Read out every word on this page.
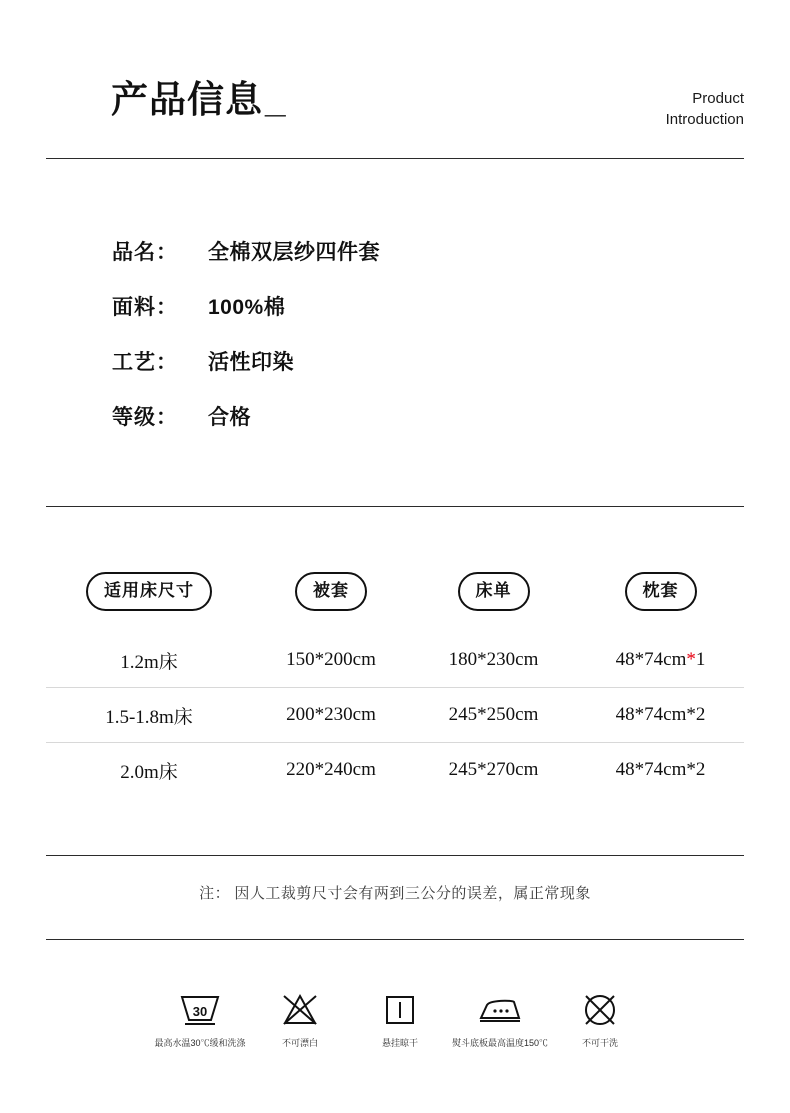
产品信息_	Product
Introduction
品名：	全棉双层纱四件套
面料：	100%棉
工艺：	活性印染
等级：	合格
适用床尺寸	被套	床单	枕套
1.2m床	150*200cm	180*230cm	48*74cm*1
1.5-1.8m床	200*230cm	245*250cm	48*74cm*2
2.0m床	220*240cm	245*270cm	48*74cm*2
注： 因人工裁剪尺寸会有两到三公分的误差，属正常现象
30
最高水温30℃缓和洗涤	不可漂白	悬挂晾干	熨斗底板最高温度150℃	不可干洗
